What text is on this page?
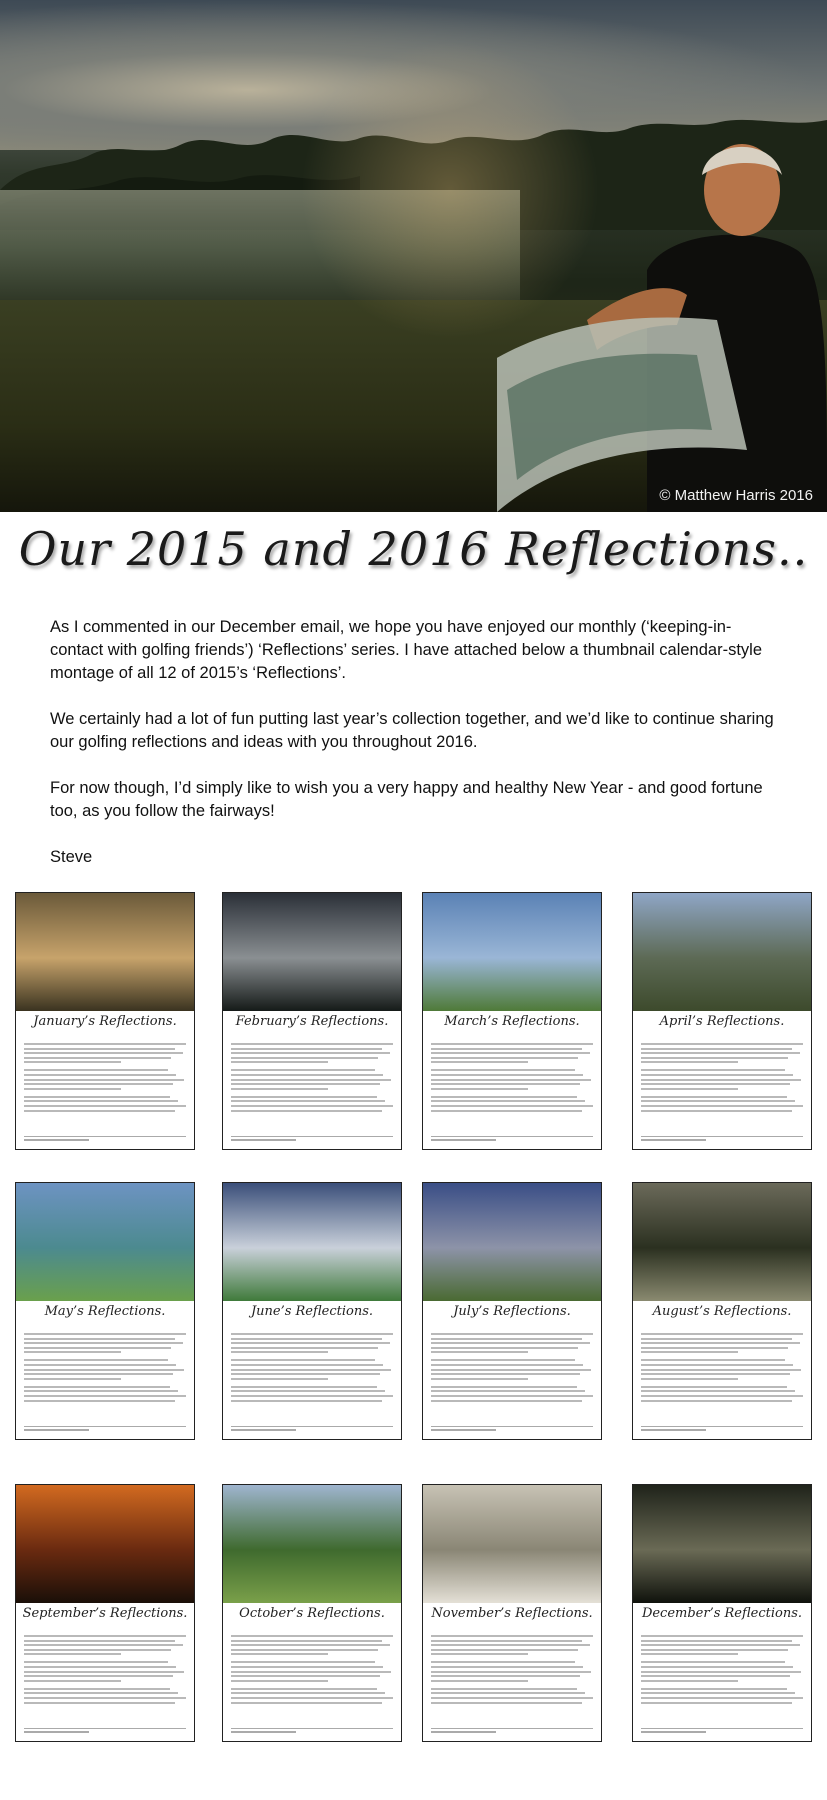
© Matthew Harris 2016
Our 2015 and 2016 Reflections..

As I commented in our December email, we hope you have enjoyed our monthly (‘keeping-in-contact with golfing friends’) ‘Reflections’ series. I have attached below a thumbnail calendar-style montage of all 12 of 2015’s ‘Reflections’.

We certainly had a lot of fun putting last year’s collection together, and we’d like to continue sharing our golfing reflections and ideas with you throughout 2016.

For now though, I’d simply like to wish you a very happy and healthy New Year - and good fortune too, as you follow the fairways!

Steve

January’s Reflections.	February’s Reflections.	March’s Reflections.	April’s Reflections.
May’s Reflections.	June’s Reflections.	July’s Reflections.	August’s Reflections.
September’s Reflections.	October’s Reflections.	November’s Reflections.	December’s Reflections.
